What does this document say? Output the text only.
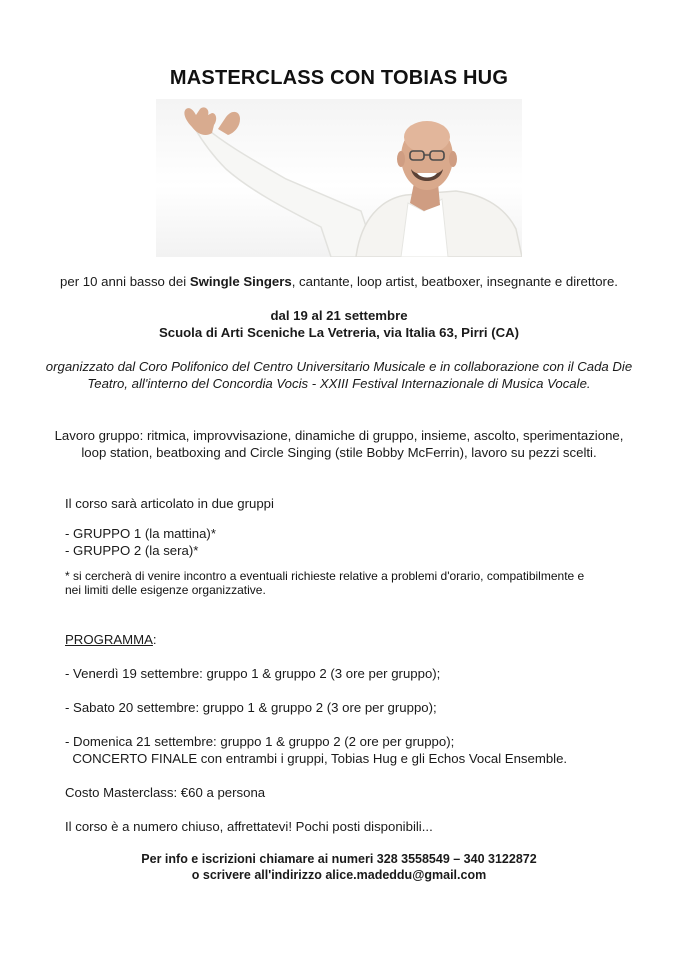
MASTERCLASS CON TOBIAS HUG
per 10 anni basso dei Swingle Singers, cantante, loop artist, beatboxer, insegnante e direttore.
dal 19 al 21 settembre
Scuola di Arti Sceniche La Vetreria, via Italia 63, Pirri (CA)
organizzato dal Coro Polifonico del Centro Universitario Musicale e in collaborazione con il Cada Die
Teatro, all'interno del Concordia Vocis - XXIII Festival Internazionale di Musica Vocale.
Lavoro gruppo: ritmica, improvvisazione, dinamiche di gruppo, insieme, ascolto, sperimentazione,
loop station, beatboxing and Circle Singing (stile Bobby McFerrin), lavoro su pezzi scelti.
Il corso sarà articolato in due gruppi
- GRUPPO 1 (la mattina)*
- GRUPPO 2 (la sera)*
* si cercherà di venire incontro a eventuali richieste relative a problemi d'orario, compatibilmente e
nei limiti delle esigenze organizzative.
PROGRAMMA:
- Venerdì 19 settembre: gruppo 1 & gruppo 2 (3 ore per gruppo);
- Sabato 20 settembre: gruppo 1 & gruppo 2 (3 ore per gruppo);
- Domenica 21 settembre: gruppo 1 & gruppo 2 (2 ore per gruppo);
CONCERTO FINALE con entrambi i gruppi, Tobias Hug e gli Echos Vocal Ensemble.
Costo Masterclass: €60 a persona
Il corso è a numero chiuso, affrettatevi! Pochi posti disponibili...
Per info e iscrizioni chiamare ai numeri 328 3558549 – 340 3122872
o scrivere all'indirizzo alice.madeddu@gmail.com
